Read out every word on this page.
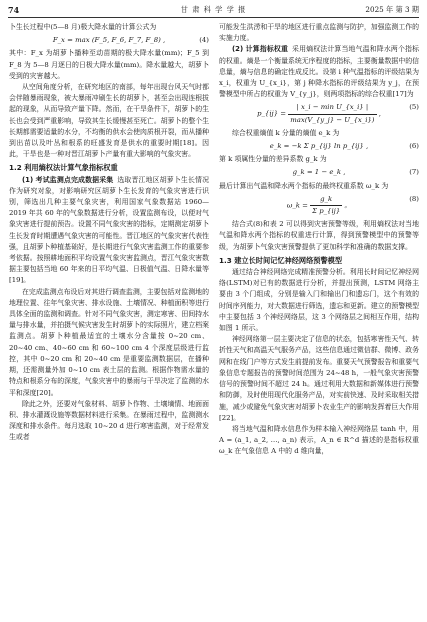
74	甘 肃 科 学 学 报	2025 年 第 3 期

卜生长过程中(5—8 月)极大降水量的计算公式为

F_x = max (F_5, F_6, F_7, F_8) ,	(4)

其中：F_x 为胡萝卜播种至动苗期的极大降水量(mm)；F_5 到 F_8 为 5—8 月逐日的日极大降水量(mm)。降水量越大，胡萝卜受到的灾害越大。

从空间角度分析，在研究地区的南部，每年出现台风天气时都会伴随暴雨现象，被大暴雨冲刷生长的胡萝卜，甚至会出现连根拔起的现象，从而导致产量下降。然而，在干旱条件下，胡萝卜的生长也会受到严重影响，导致其生长缓慢甚至死亡。胡萝卜的整个生长期都需要适量的水分，不均衡的供水会使肉质根开裂，而从播种到出苗以及叶丛和根系的旺盛发育是供水的重要时期[18]。因此，干旱也是一种对晋江胡萝卜产量有重大影响的气象灾害。

1.2 利用熵权法计算气象指标权重

(1) 考试监测点完成数据采集 选取晋江地区胡萝卜生长情况作为研究对象，对影响研究区胡萝卜生长发育的气象灾害进行识别，筛选出几种主要气象灾害，利用国家气象数据站 1960—2019 年共 60 年的气象数据进行分析，设置监测布设，以便对气象灾害进行提前预告。设置不同气象灾害的指标，定期测定胡萝卜生长发育时期遭遇气象灾害的可能性。晋江地区的气象灾害代表性强，且胡萝卜种植基础好，是长期进行气象灾害监测工作的重要参考依据。按照耕地面积平均设置气象灾害监测点，晋江气象灾害数据主要包括当地 60 年来的日平均气温、日极值气温、日降水量等[19]。

在完成监测点布设后对其进行调查监测，主要包括对监测地的地理位置、往年气象灾害、排水设施、土壤情况、种植面积等进行具体全面的监测和调查。针对不同气象灾害，测定寒害、田间持水量与排水量，并拍摄气候灾害发生时胡萝卜的实际照片，建立档案监测点。胡萝卜种植最适宜的土壤水分含量按 0~20 cm、20~40 cm、40~60 cm 和 60~100 cm 4 个深度层级进行监控，其中 0~20 cm 和 20~40 cm 是重要监测数据层，在播种期，还需测量外加 0~10 cm 表土层的监测。根据作物需水量的特点和根系分布的深度，气象灾害中的暴雨与干旱决定了监测的水平和深度[20]。

除此之外，还要对气象材料、胡萝卜作物、土壤墒情、地面面积、排水灌溉设施等数据材料进行采集。在暴雨过程中，监测测水深度和排水条件。每月选取 10~20 d 进行寒害监测，对于经常发生或者

可能发生洪涝和干旱的地区进行重点监测与防护，加强监测工作的实施力度。

(2) 计算指标权重 采用熵权法计算当地气温和降水两个指标的权重。熵是一个衡量系统无序程度的指标，主要衡量数据中的信息量，熵与信息的确定性成反比。设第 i 种气温指标的评级结果为 x_i，权重为 U_{x_i}，第 j 种降水指标的评级结果为 y_j，在预警模型中所占的权重为 V_{y_j}，则两项指标的综合权重[17]为

p_{ij} = $\frac{\text{| x\_i − min U\_\{x\_i\} |}}{\max(V\_\{y\_j\} - U\_\{x\_i\})}$ ,
(5)

综合权重熵值 k 分量的熵值 e_k 为

e_k = −k Σ p_{ij} ln p_{ij} ,	(6)

第 k 项属性分量的差异系数 g_k 为

g_k = 1 − e_k ,	(7)

最后计算出气温和降水两个指标的最终权重系数 ω_k 为

ω_k = $\frac{g\_k}{\text{Σ p\_\{ij\}}}$ 。
(8)

结合式(8)和表 2 可以得到灾害预警等级，利用熵权法对当地气温和降水两个指标的权重进行计算，得到预警模型中的预警等级，为胡萝卜气象灾害预警提供了更加科学和准确的数据支撑。

1.3 建立长时间记忆神经网络预警模型

通过结合神经网络完成精准预警分析。利用长时间记忆神经网络(LSTM)对已有的数据进行分析，并提出预测，LSTM 网络主要由 3 个门组成，分别是输入门和输出门和遗忘门，这个有效的时间序列能力，对大数据进行筛选，遗忘和更新。建立的预警模型中主要包括 3 个神经网络层，这 3 个网络层之间相互作用，结构如图 1 所示。

神经网络第一层主要决定了信息的状态，包括寒害性天气、转折性天气和高温天气服务产品，这些信息通过微信群、微博、政务网和在线门户等方式发生前提前发布。重要天气预警报告和重要气象信息专题报告的预警时间范围为 24~48 h，一般气象灾害预警信号的预警时间不超过 24 h。通过利用大数据和新媒体进行预警和防御，及时使用现代化服务产品，对实前快速、及时采取相关措施，减少或避免气象灾害对胡萝卜农业生产的影响发挥着巨大作用[22]。

将当地气温和降水信息作为样本输入神经网络层 tanh 中，用 A = (a_1, a_2, …, a_n) 表示，A_n ∈ R^d 描述的是指标权重 ω_k 在气象信息 A 中的 d 维向量，
